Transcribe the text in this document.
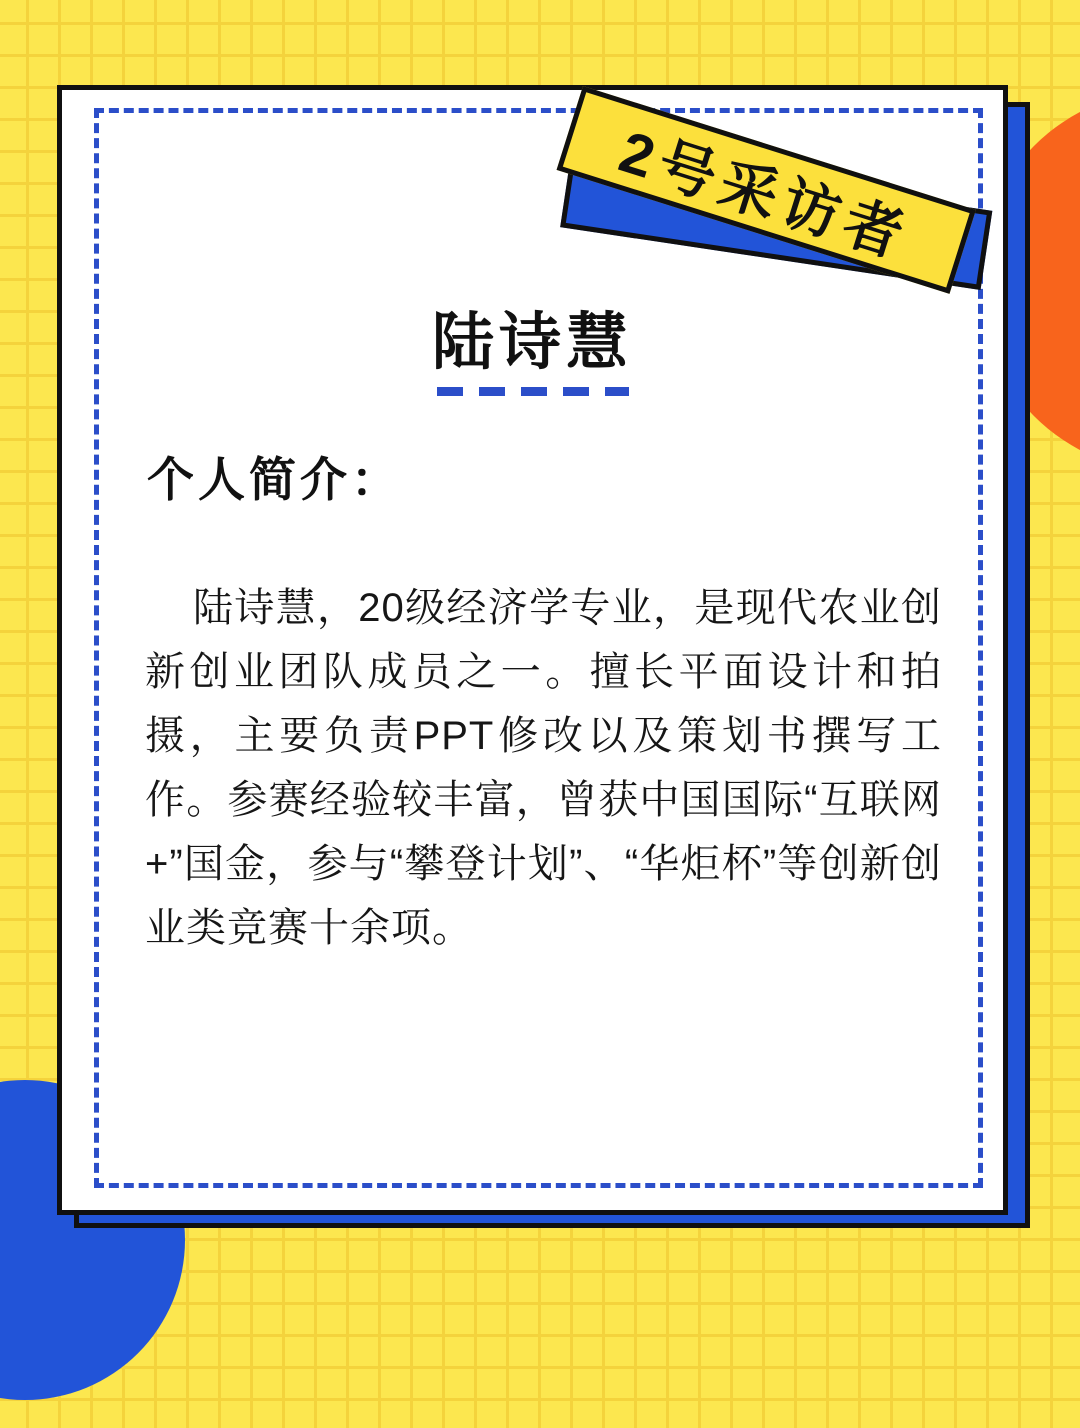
陆诗慧
个人简介：

陆诗慧，20级经济学专业，是现代农业创新创业团队成员之一。擅长平面设计和拍摄，主要负责PPT修改以及策划书撰写工作。参赛经验较丰富，曾获中国国际“互联网+”国金，参与“攀登计划”、“华炬杯”等创新创业类竞赛十余项。

2号采访者
